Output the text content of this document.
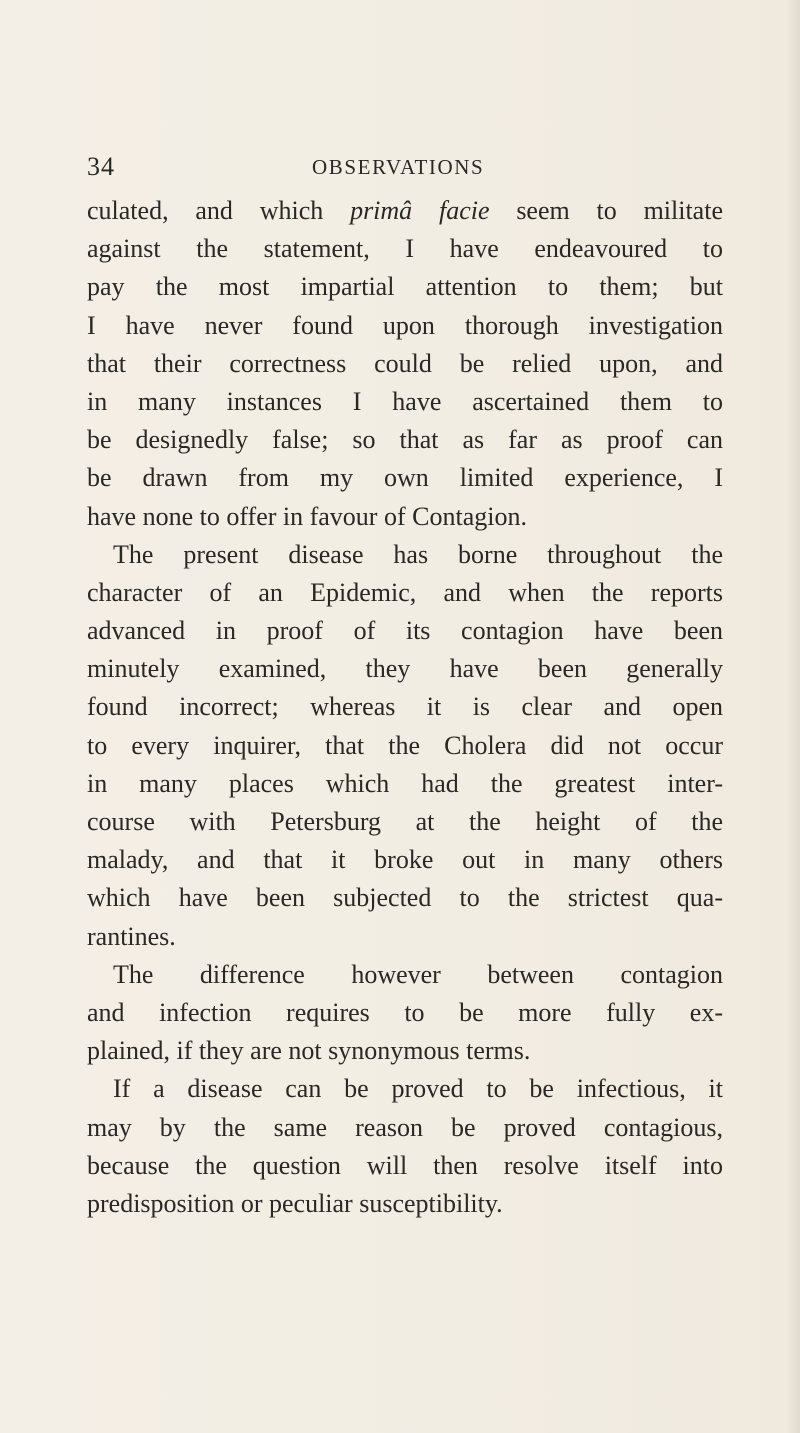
34	OBSERVATIONS
culated, and which primâ facie seem to militate
against the statement, I have endeavoured to
pay the most impartial attention to them; but
I have never found upon thorough investigation
that their correctness could be relied upon, and
in many instances I have ascertained them to
be designedly false; so that as far as proof can
be drawn from my own limited experience, I
have none to offer in favour of Contagion.
The present disease has borne throughout the
character of an Epidemic, and when the reports
advanced in proof of its contagion have been
minutely examined, they have been generally
found incorrect; whereas it is clear and open
to every inquirer, that the Cholera did not occur
in many places which had the greatest inter-
course with Petersburg at the height of the
malady, and that it broke out in many others
which have been subjected to the strictest qua-
rantines.
The difference however between contagion
and infection requires to be more fully ex-
plained, if they are not synonymous terms.
If a disease can be proved to be infectious, it
may by the same reason be proved contagious,
because the question will then resolve itself into
predisposition or peculiar susceptibility.
